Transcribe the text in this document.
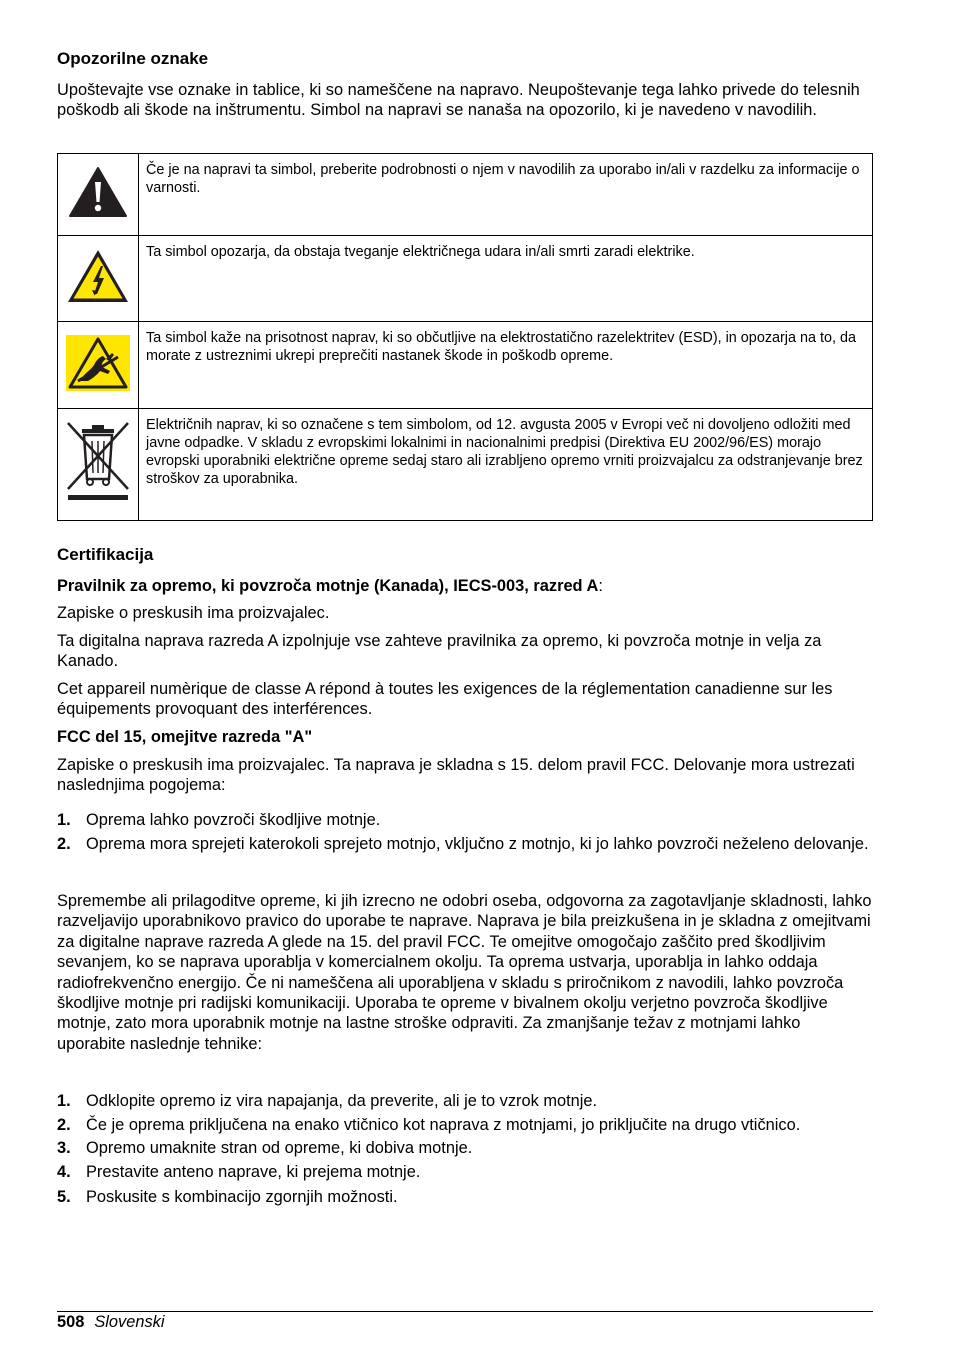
Opozorilne oznake

Upoštevajte vse oznake in tablice, ki so nameščene na napravo. Neupoštevanje tega lahko privede do telesnih poškodb ali škode na inštrumentu. Simbol na napravi se nanaša na opozorilo, ki je navedeno v navodilih.

	Če je na napravi ta simbol, preberite podrobnosti o njem v navodilih za uporabo in/ali v razdelku za informacije o varnosti.
	Ta simbol opozarja, da obstaja tveganje električnega udara in/ali smrti zaradi elektrike.
	Ta simbol kaže na prisotnost naprav, ki so občutljive na elektrostatično razelektritev (ESD), in opozarja na to, da morate z ustreznimi ukrepi preprečiti nastanek škode in poškodb opreme.
	Električnih naprav, ki so označene s tem simbolom, od 12. avgusta 2005 v Evropi več ni dovoljeno odložiti med javne odpadke. V skladu z evropskimi lokalnimi in nacionalnimi predpisi (Direktiva EU 2002/96/ES) morajo evropski uporabniki električne opreme sedaj staro ali izrabljeno opremo vrniti proizvajalcu za odstranjevanje brez stroškov za uporabnika.
Certifikacija

Pravilnik za opremo, ki povzroča motnje (Kanada), IECS-003, razred A:

Zapiske o preskusih ima proizvajalec.

Ta digitalna naprava razreda A izpolnjuje vse zahteve pravilnika za opremo, ki povzroča motnje in velja za Kanado.

Cet appareil numèrique de classe A répond à toutes les exigences de la réglementation canadienne sur les équipements provoquant des interférences.

FCC del 15, omejitve razreda "A"

Zapiske o preskusih ima proizvajalec. Ta naprava je skladna s 15. delom pravil FCC. Delovanje mora ustrezati naslednjima pogojema:

1. Oprema lahko povzroči škodljive motnje.
2. Oprema mora sprejeti katerokoli sprejeto motnjo, vključno z motnjo, ki jo lahko povzroči neželeno delovanje.

Spremembe ali prilagoditve opreme, ki jih izrecno ne odobri oseba, odgovorna za zagotavljanje skladnosti, lahko razveljavijo uporabnikovo pravico do uporabe te naprave. Naprava je bila preizkušena in je skladna z omejitvami za digitalne naprave razreda A glede na 15. del pravil FCC. Te omejitve omogočajo zaščito pred škodljivim sevanjem, ko se naprava uporablja v komercialnem okolju. Ta oprema ustvarja, uporablja in lahko oddaja radiofrekvenčno energijo. Če ni nameščena ali uporabljena v skladu s priročnikom z navodili, lahko povzroča škodljive motnje pri radijski komunikaciji. Uporaba te opreme v bivalnem okolju verjetno povzroča škodljive motnje, zato mora uporabnik motnje na lastne stroške odpraviti. Za zmanjšanje težav z motnjami lahko uporabite naslednje tehnike:

1. Odklopite opremo iz vira napajanja, da preverite, ali je to vzrok motnje.
2. Če je oprema priključena na enako vtičnico kot naprava z motnjami, jo priključite na drugo vtičnico.
3. Opremo umaknite stran od opreme, ki dobiva motnje.
4. Prestavite anteno naprave, ki prejema motnje.
5. Poskusite s kombinacijo zgornjih možnosti.
508 Slovenski
